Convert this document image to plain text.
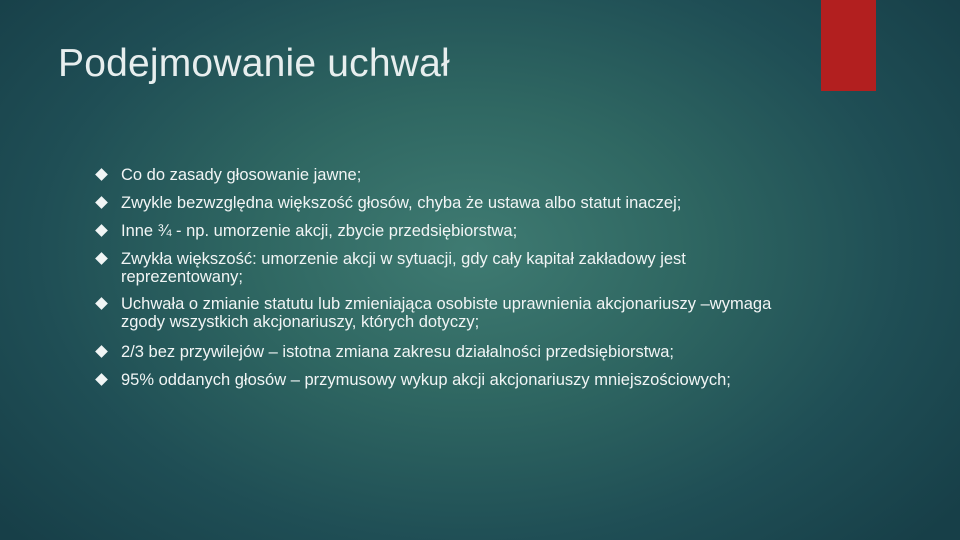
Podejmowanie uchwał
Co do zasady głosowanie jawne;
Zwykle bezwzględna większość głosów, chyba że ustawa albo statut inaczej;
Inne ¾ - np. umorzenie akcji, zbycie przedsiębiorstwa;
Zwykła większość: umorzenie akcji w sytuacji, gdy cały kapitał zakładowy jest reprezentowany;
Uchwała o zmianie statutu lub zmieniająca osobiste uprawnienia akcjonariuszy –wymaga zgody wszystkich akcjonariuszy, których dotyczy;
2/3 bez przywilejów – istotna zmiana zakresu działalności przedsiębiorstwa;
95% oddanych głosów – przymusowy wykup akcji akcjonariuszy mniejszościowych;
